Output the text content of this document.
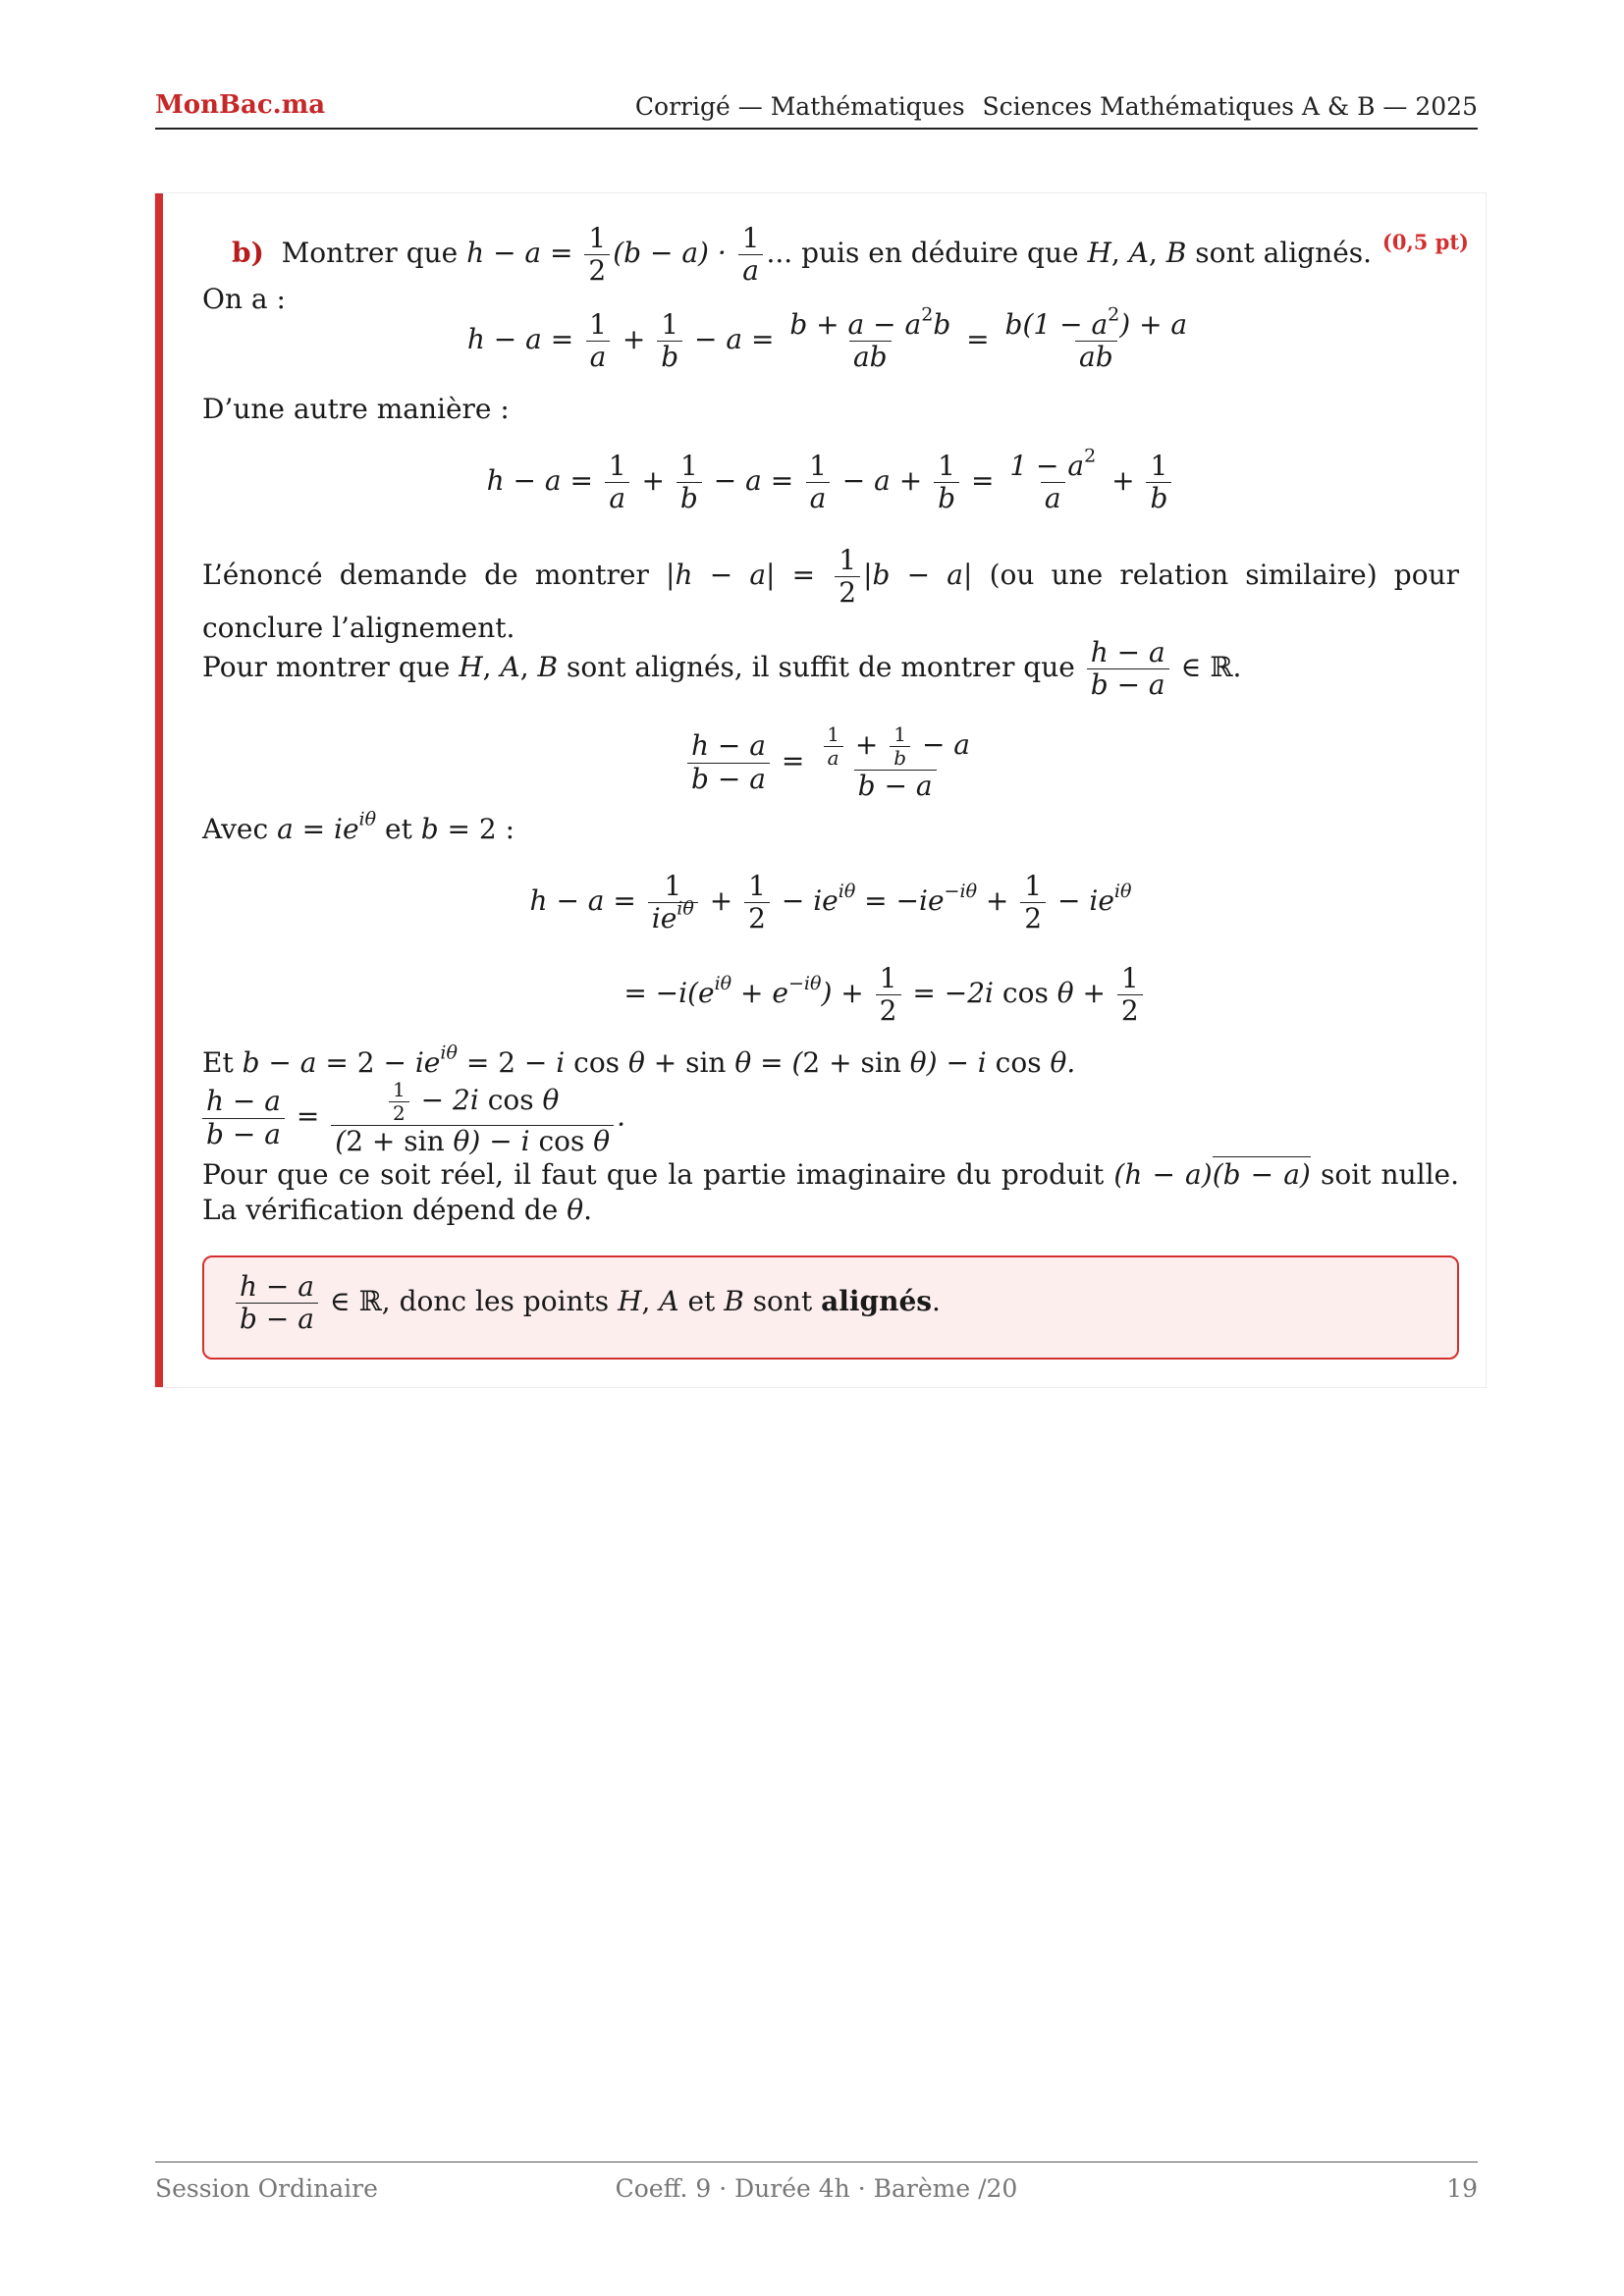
MonBac.ma	Corrigé — Mathématiques Sciences Mathématiques A & B — 2025
b) Montrer que $h - a = \frac{1}{2} (b - a) \cdot \frac{1}{a}$ ... puis en déduire que H, A, B sont alignés. (0,5 pt)
On a :
$h - a = \frac{1}{a} + \frac{1}{b} - a = \frac{b + a - a^2b}{ab} = \frac{b(1 - a^2) + a}{ab}$
D’une autre manière :
$h - a = \frac{1}{a} + \frac{1}{b} - a = \frac{1}{a} - a + \frac{1}{b} = \frac{1 - a^2}{a} + \frac{1}{b}$
L’énoncé demande de montrer $|h - a| = \frac{1}{2} |b - a|$ (ou une relation similaire) pour conclure l’alignement.
Pour montrer que H, A, B sont alignés, il suffit de montrer que $\frac{h - a}{b - a}$ ∈ ℝ.
$\frac{h - a}{b - a} = \frac{\frac{1}{a} + \frac{1}{b} - a}{b - a}$
Avec $a = ie^{i\theta}$ et b = 2 :
$h - a = \frac{1}{ie^{i\theta}} + \frac{1}{2} - ie^{i\theta} = -ie^{-i\theta} + \frac{1}{2} - ie^{i\theta}$
= $-i(e^{i\theta} + e^{-i\theta}) + \frac{1}{2} = -2i$ $\cos \theta + \frac{1}{2}$
Et $b - a = 2 - ie^{i\theta} = 2 - i$ cos θ + sin θ = (2 + sin θ) − i cos θ.
$\frac{h - a}{b - a} = \frac{\frac{1}{2} - 2i \cos \theta}{\text{(2 + sin θ) − i cos θ}}$ .
Pour que ce soit réel, il faut que la partie imaginaire du produit (h − a)(b − a) soit nulle. La vérification dépend de θ.
$\frac{h - a}{b - a}$ ∈ ℝ, donc les points H, A et B sont alignés.
Session Ordinaire	Coeff. 9 · Durée 4h · Barème /20	19
